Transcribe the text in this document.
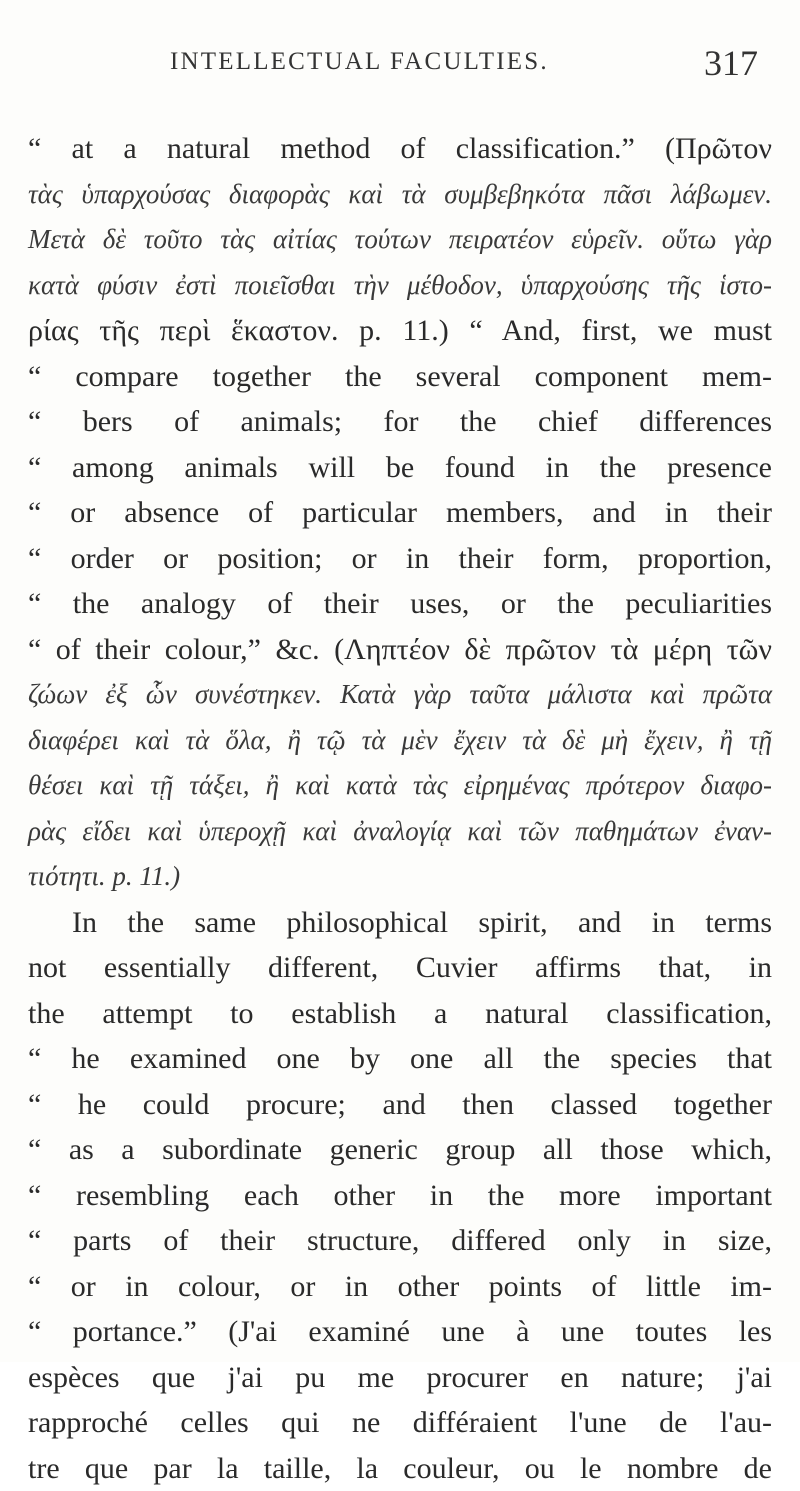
INTELLECTUAL FACULTIES.	317
“ at a natural method of classification.” (Πρῶτον
τὰς ὑπαρχούσας διαφορὰς καὶ τὰ συμβεβηκότα πᾶσι λάβωμεν.
Μετὰ δὲ τοῦτο τὰς αἰτίας τούτων πειρατέον εὑρεῖν. οὕτω γὰρ
κατὰ φύσιν ἐστὶ ποιεῖσθαι τὴν μέθοδον, ὑπαρχούσης τῆς ἱστο-
ρίας τῆς περὶ ἕκαστον. p. 11.) “ And, first, we must
“ compare together the several component mem-
“ bers of animals; for the chief differences
“ among animals will be found in the presence
“ or absence of particular members, and in their
“ order or position; or in their form, proportion,
“ the analogy of their uses, or the peculiarities
“ of their colour,” &c. (Ληπτέον δὲ πρῶτον τὰ μέρη τῶν
ζώων ἐξ ὧν συνέστηκεν. Κατὰ γὰρ ταῦτα μάλιστα καὶ πρῶτα
διαφέρει καὶ τὰ ὅλα, ἢ τῷ τὰ μὲν ἔχειν τὰ δὲ μὴ ἔχειν, ἢ τῇ
θέσει καὶ τῇ τάξει, ἢ καὶ κατὰ τὰς εἰρημένας πρότερον διαφο-
ρὰς εἴδει καὶ ὑπεροχῇ καὶ ἀναλογίᾳ καὶ τῶν παθημάτων ἐναν-
τιότητι. p. 11.)
In the same philosophical spirit, and in terms
not essentially different, Cuvier affirms that, in
the attempt to establish a natural classification,
“ he examined one by one all the species that
“ he could procure; and then classed together
“ as a subordinate generic group all those which,
“ resembling each other in the more important
“ parts of their structure, differed only in size,
“ or in colour, or in other points of little im-
“ portance.” (J'ai examiné une à une toutes les
espèces que j'ai pu me procurer en nature; j'ai
rapproché celles qui ne différaient l'une de l'au-
tre que par la taille, la couleur, ou le nombre de
